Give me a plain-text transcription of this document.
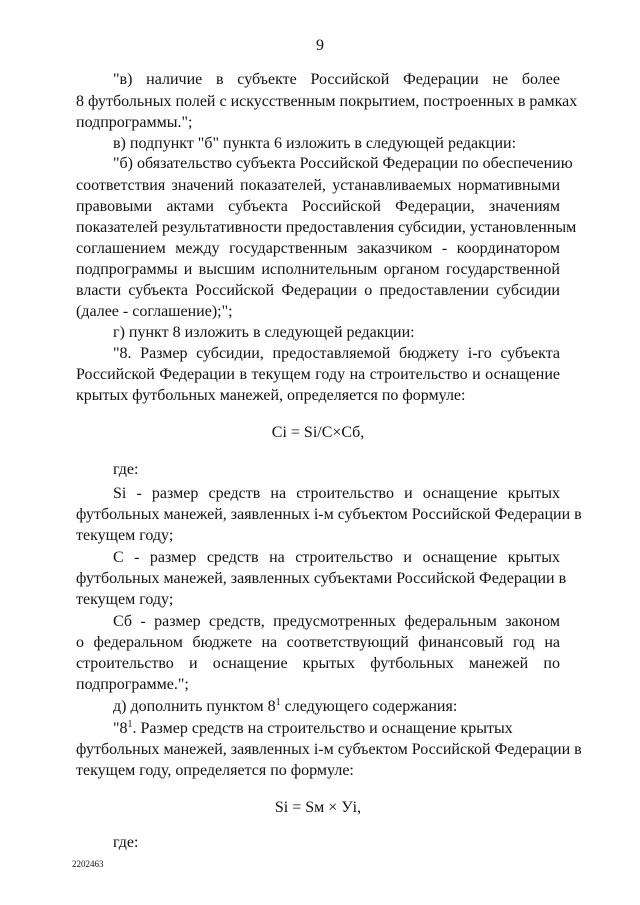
9
"в) наличие в субъекте Российской Федерации не более
8 футбольных полей с искусственным покрытием, построенных в рамках
подпрограммы.";
в) подпункт "б" пункта 6 изложить в следующей редакции:
"б) обязательство субъекта Российской Федерации по обеспечению
соответствия значений показателей, устанавливаемых нормативными
правовыми актами субъекта Российской Федерации, значениям
показателей результативности предоставления субсидии, установленным
соглашением между государственным заказчиком - координатором
подпрограммы и высшим исполнительным органом государственной
власти субъекта Российской Федерации о предоставлении субсидии
(далее - соглашение);";
г) пункт 8 изложить в следующей редакции:
"8. Размер субсидии, предоставляемой бюджету i-го субъекта
Российской Федерации в текущем году на строительство и оснащение
крытых футбольных манежей, определяется по формуле:
Ci = Si/C×Cб,
где:
Si - размер средств на строительство и оснащение крытых
футбольных манежей, заявленных i-м субъектом Российской Федерации в
текущем году;
С - размер средств на строительство и оснащение крытых
футбольных манежей, заявленных субъектами Российской Федерации в
текущем году;
Сб - размер средств, предусмотренных федеральным законом
о федеральном бюджете на соответствующий финансовый год на
строительство и оснащение крытых футбольных манежей по
подпрограмме.";
д) дополнить пунктом $8^1$ следующего содержания:
"$8^1$. Размер средств на строительство и оснащение крытых
футбольных манежей, заявленных i-м субъектом Российской Федерации в
текущем году, определяется по формуле:
Si = Sм × Уi,
где:
2202463
